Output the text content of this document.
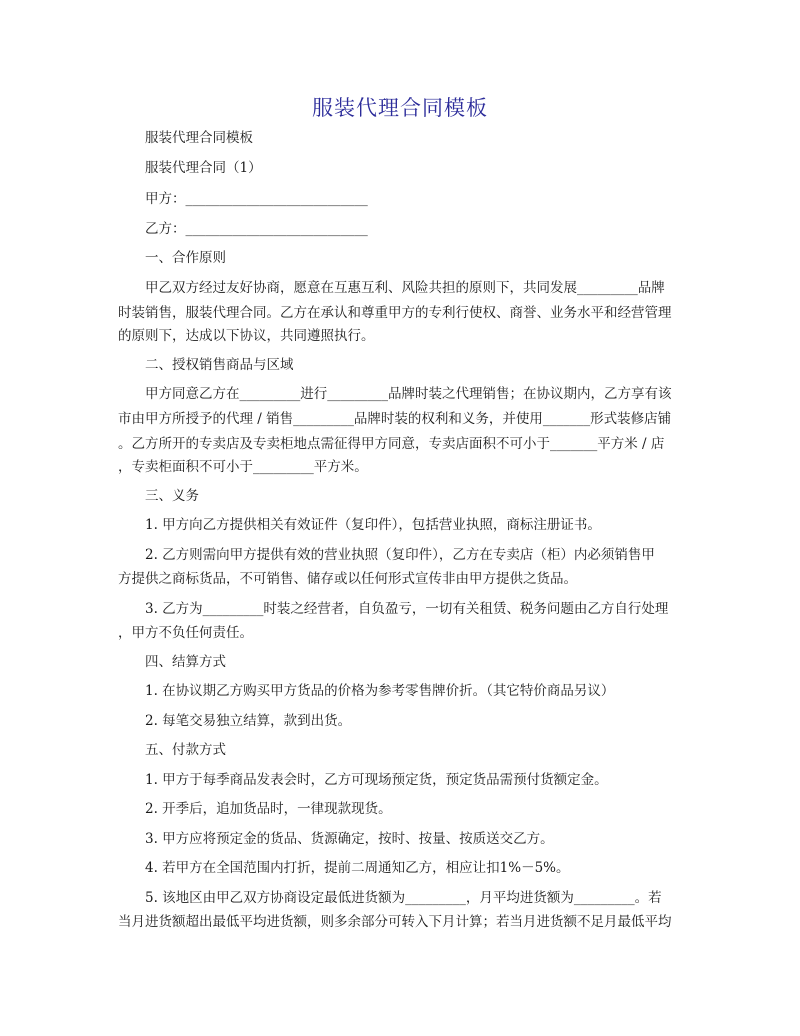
服装代理合同模板
服装代理合同模板
服装代理合同（1）
甲方：___________________________
乙方：___________________________
一、合作原则
甲乙双方经过友好协商，愿意在互惠互利、风险共担的原则下，共同发展_________品牌
时装销售，服装代理合同。乙方在承认和尊重甲方的专利行使权、商誉、业务水平和经营管理
的原则下，达成以下协议，共同遵照执行。
二、授权销售商品与区域
甲方同意乙方在_________进行_________品牌时装之代理销售；在协议期内，乙方享有该
市由甲方所授予的代理 / 销售_________品牌时装的权利和义务，并使用_______形式装修店铺
。乙方所开的专卖店及专卖柜地点需征得甲方同意，专卖店面积不可小于_______平方米 / 店
，专卖柜面积不可小于_________平方米。
三、义务
1. 甲方向乙方提供相关有效证件（复印件），包括营业执照，商标注册证书。
2. 乙方则需向甲方提供有效的营业执照（复印件），乙方在专卖店（柜）内必须销售甲
方提供之商标货品，不可销售、储存或以任何形式宣传非由甲方提供之货品。
3. 乙方为_________时装之经营者，自负盈亏，一切有关租赁、税务问题由乙方自行处理
，甲方不负任何责任。
四、结算方式
1. 在协议期乙方购买甲方货品的价格为参考零售牌价折。（其它特价商品另议）
2. 每笔交易独立结算，款到出货。
五、付款方式
1. 甲方于每季商品发表会时，乙方可现场预定货，预定货品需预付货额定金。
2. 开季后，追加货品时，一律现款现货。
3. 甲方应将预定金的货品、货源确定，按时、按量、按质送交乙方。
4. 若甲方在全国范围内打折，提前二周通知乙方，相应让扣1%－5%。
5. 该地区由甲乙双方协商设定最低进货额为_________，月平均进货额为_________。若
当月进货额超出最低平均进货额，则多余部分可转入下月计算；若当月进货额不足月最低平均
